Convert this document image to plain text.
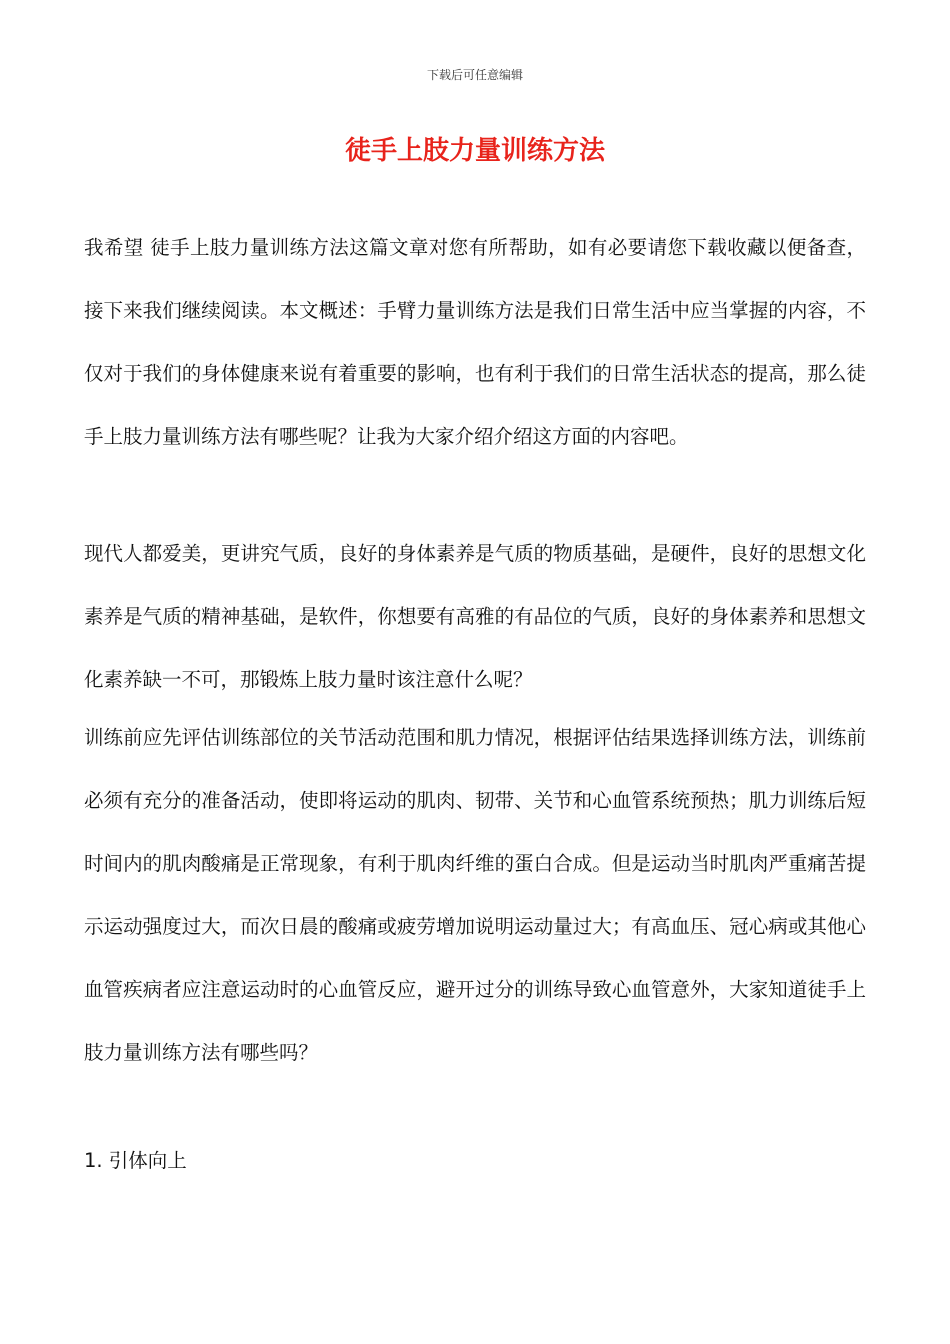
下载后可任意编辑
徒手上肢力量训练方法

我希望 徒手上肢力量训练方法这篇文章对您有所帮助，如有必要请您下载收藏以便备查，接下来我们继续阅读。本文概述：手臂力量训练方法是我们日常生活中应当掌握的内容，不仅对于我们的身体健康来说有着重要的影响，也有利于我们的日常生活状态的提高，那么徒手上肢力量训练方法有哪些呢？让我为大家介绍介绍这方面的内容吧。

现代人都爱美，更讲究气质，良好的身体素养是气质的物质基础，是硬件，良好的思想文化素养是气质的精神基础，是软件，你想要有高雅的有品位的气质，良好的身体素养和思想文化素养缺一不可，那锻炼上肢力量时该注意什么呢？

训练前应先评估训练部位的关节活动范围和肌力情况，根据评估结果选择训练方法，训练前必须有充分的准备活动，使即将运动的肌肉、韧带、关节和心血管系统预热；肌力训练后短时间内的肌肉酸痛是正常现象，有利于肌肉纤维的蛋白合成。但是运动当时肌肉严重痛苦提示运动强度过大，而次日晨的酸痛或疲劳增加说明运动量过大；有高血压、冠心病或其他心血管疾病者应注意运动时的心血管反应，避开过分的训练导致心血管意外，大家知道徒手上肢力量训练方法有哪些吗？

1. 引体向上
